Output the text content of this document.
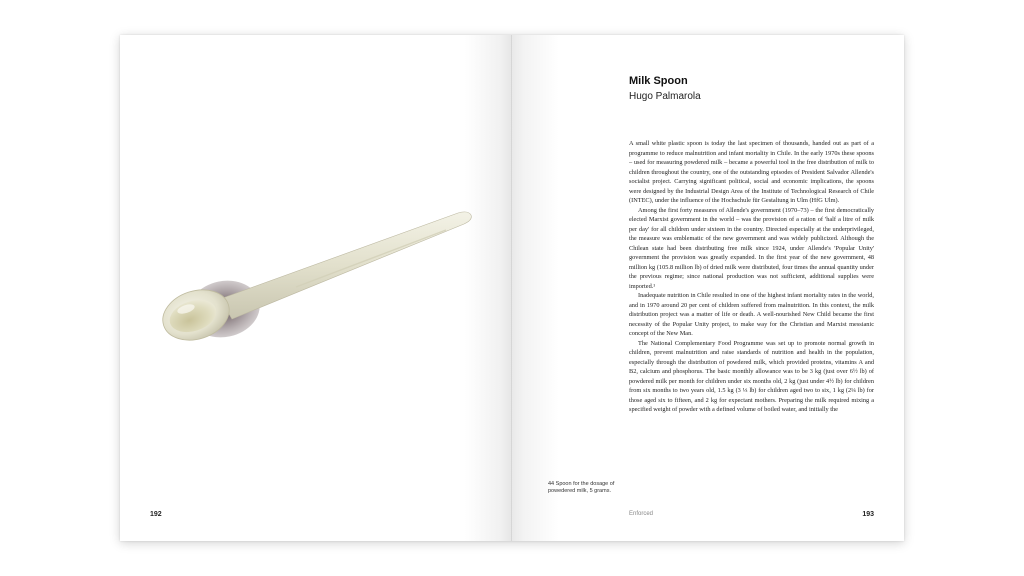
192
Milk Spoon
Hugo Palmarola

A small white plastic spoon is today the last specimen of thousands, handed out as part of a programme to reduce malnutrition and infant mortality in Chile. In the early 1970s these spoons – used for measuring powdered milk – became a powerful tool in the free distribution of milk to children throughout the country, one of the outstanding episodes of President Salvador Allende's socialist project. Carrying significant political, social and economic implications, the spoons were designed by the Industrial Design Area of the Institute of Technological Research of Chile (INTEC), under the influence of the Hochschule für Gestaltung in Ulm (HfG Ulm).

Among the first forty measures of Allende's government (1970–73) – the first democratically elected Marxist government in the world – was the provision of a ration of 'half a litre of milk per day' for all children under sixteen in the country. Directed especially at the underprivileged, the measure was emblematic of the new government and was widely publicized. Although the Chilean state had been distributing free milk since 1924, under Allende's 'Popular Unity' government the provision was greatly expanded. In the first year of the new government, 48 million kg (105.8 million lb) of dried milk were distributed, four times the annual quantity under the previous regime; since national production was not sufficient, additional supplies were imported.¹

Inadequate nutrition in Chile resulted in one of the highest infant mortality rates in the world, and in 1970 around 20 per cent of children suffered from malnutrition. In this context, the milk distribution project was a matter of life or death. A well-nourished New Child became the first necessity of the Popular Unity project, to make way for the Christian and Marxist messianic concept of the New Man.

The National Complementary Food Programme was set up to promote normal growth in children, prevent malnutrition and raise standards of nutrition and health in the population, especially through the distribution of powdered milk, which provided proteins, vitamins A and B2, calcium and phosphorus. The basic monthly allowance was to be 3 kg (just over 6½ lb) of powdered milk per month for children under six months old, 2 kg (just under 4½ lb) for children from six months to two years old, 1.5 kg (3 ⅓ lb) for children aged two to six, 1 kg (2¼ lb) for those aged six to fifteen, and 2 kg for expectant mothers. Preparing the milk required mixing a specified weight of powder with a defined volume of boiled water, and initially the

Enforced	193
44 Spoon for the dosage of powedered milk, 5 grams.
